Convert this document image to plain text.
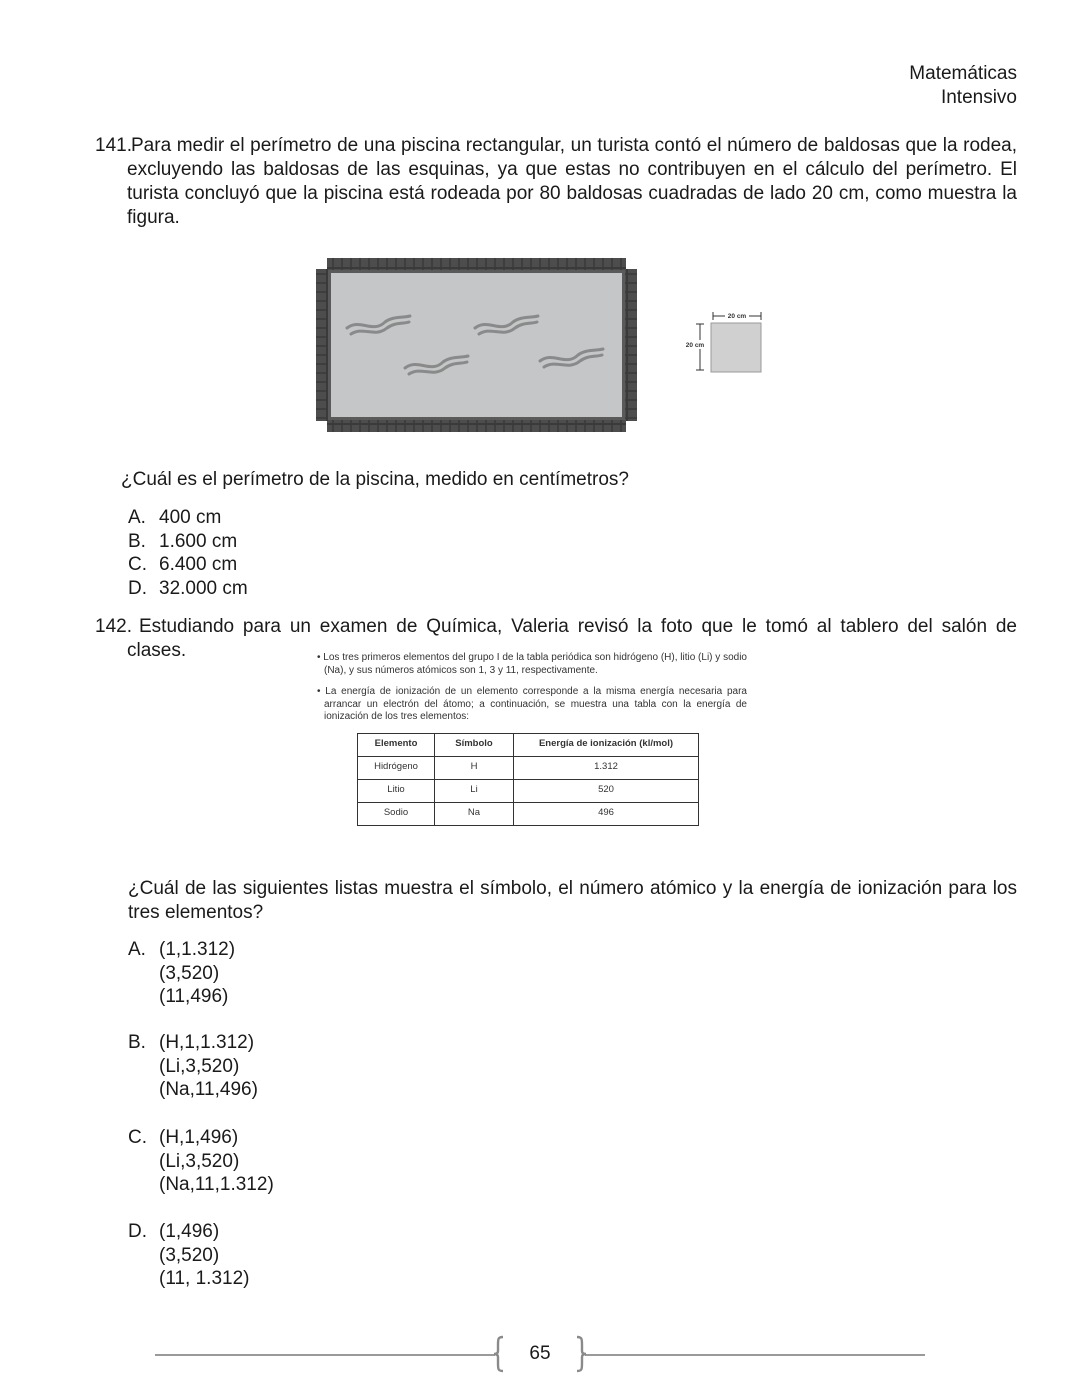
Matemáticas
Intensivo
141.Para medir el perímetro de una piscina rectangular, un turista contó el número de baldosas que la rodea, excluyendo las baldosas de las esquinas, ya que estas no contribuyen en el cálculo del perímetro. El turista concluyó que la piscina está rodeada por 80 baldosas cuadradas de lado 20 cm, como muestra la figura.
20 cm
20 cm
¿Cuál es el perímetro de la piscina, medido en centímetros?
A. 400 cm
B. 1.600 cm
C. 6.400 cm
D. 32.000 cm
142. Estudiando para un examen de Química, Valeria revisó la foto que le tomó al tablero del salón de clases.	• Los tres primeros elementos del grupo I de la tabla periódica son hidrógeno (H), litio (Li) y sodio (Na), y sus números atómicos son 1, 3 y 11, respectivamente.
• La energía de ionización de un elemento corresponde a la misma energía necesaria para arrancar un electrón del átomo; a continuación, se muestra una tabla con la energía de ionización de los tres elementos:
Elemento	Símbolo	Energía de ionización (kl/mol)
Hidrógeno	H	1.312
Litio	Li	520
Sodio	Na	496
¿Cuál de las siguientes listas muestra el símbolo, el número atómico y la energía de ionización para los tres elementos?
A. (1,1.312)
(3,520)
(11,496)
B. (H,1,1.312)
(Li,3,520)
(Na,11,496)
C. (H,1,496)
(Li,3,520)
(Na,11,1.312)
D. (1,496)
(3,520)
(11, 1.312)
65
